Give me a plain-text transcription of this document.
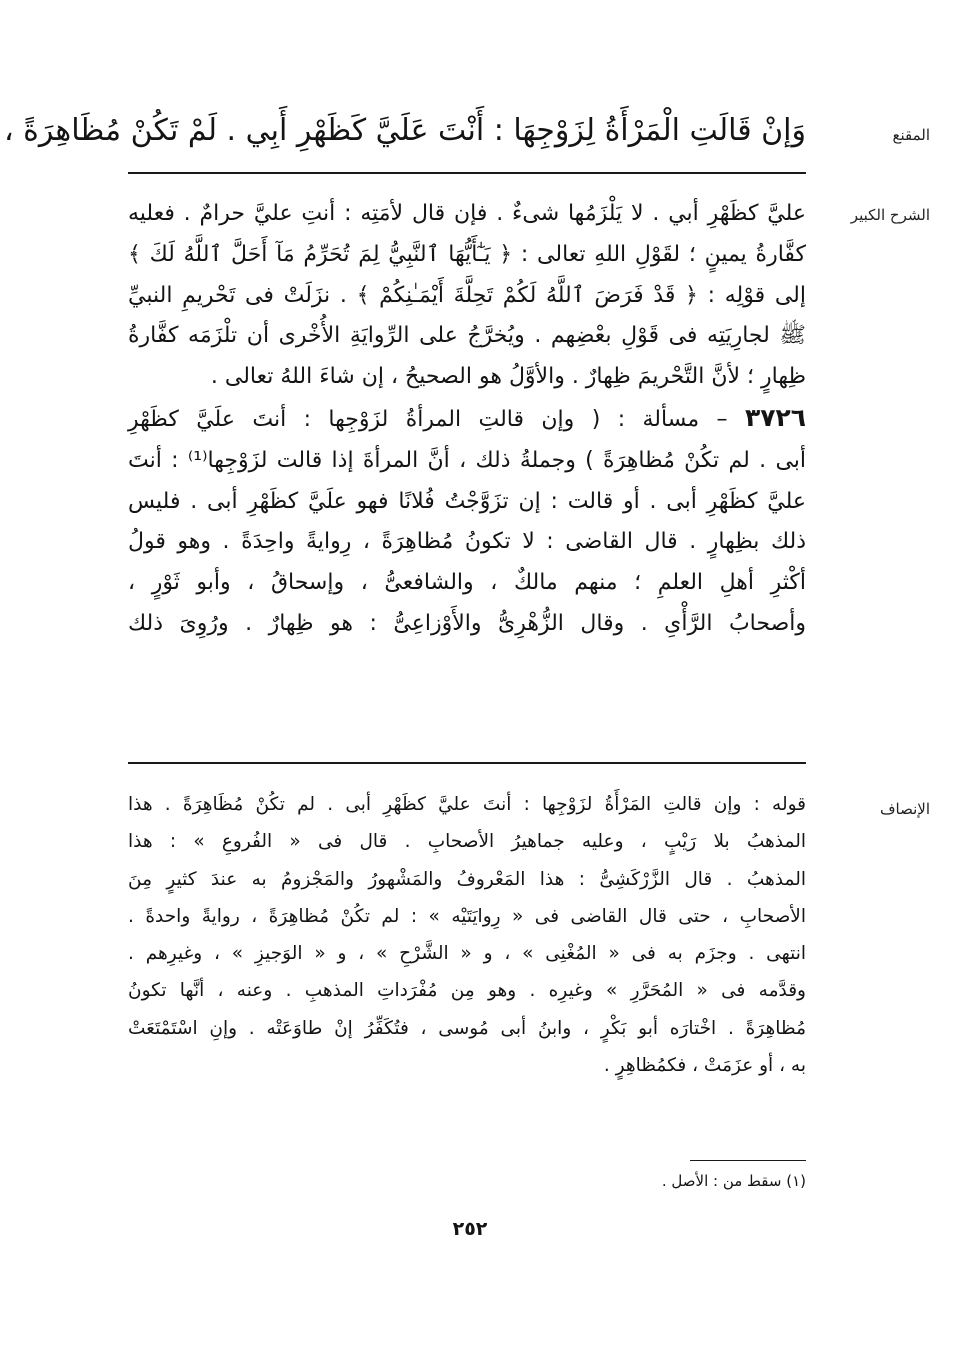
المقنع
وَإنْ قَالَتِ الْمَرْأَةُ لِزَوْجِهَا : أَنْتَ عَلَيَّ كَظَهْرِ أَبِي . لَمْ تَكُنْ مُظَاهِرَةً ،
الشرح الكبير
عليَّ كظَهْرِ أبي . لا يَلْزَمُها شىءٌ . فإن قال لأمَتِه : أنتِ عليَّ حرامٌ . فعليه
كفَّارةُ يمينٍ ؛ لقَوْلِ اللهِ تعالى : ﴿ يَـٰٓأَيُّهَا ٱلنَّبِيُّ لِمَ تُحَرِّمُ مَآ أَحَلَّ ٱللَّهُ لَكَ ﴾
إلى قوْلِه : ﴿ قَدْ فَرَضَ ٱللَّهُ لَكُمْ تَحِلَّةَ أَيْمَـٰنِكُمْ ﴾ . نزَلَتْ فى تَحْريمِ النبيِّ
ﷺ لجارِيَتِه فى قَوْلِ بعْضِهم . ويُخرَّجُ على الرِّوايَةِ الأُخْرى أن تلْزَمَه كفَّارةُ
ظِهارٍ ؛ لأنَّ التَّحْريمَ ظِهارٌ . والأوَّلُ هو الصحيحُ ، إن شاءَ اللهُ تعالى .
٣٧٢٦ – مسألة : ( وإن قالتِ المرأةُ لزَوْجِها : أنتَ علَيَّ كظَهْرِ
أبى . لم تكُنْ مُظاهِرَةً ) وجملةُ ذلك ، أنَّ المرأةَ إذا قالت لزَوْجِها⁽¹⁾ : أنتَ
عليَّ كظَهْرِ أبى . أو قالت : إن تزَوَّجْتُ فُلانًا فهو علَيَّ كظَهْرِ أبى . فليس
ذلك بظِهارٍ . قال القاضى : لا تكونُ مُظاهِرَةً ، رِوايةً واحِدَةً . وهو قولُ
أكْثرِ أهلِ العلمِ ؛ منهم مالكٌ ، والشافعىُّ ، وإسحاقُ ، وأبو ثَوْرٍ ،
وأصحابُ الرَّأْىِ . وقال الزُّهْرِىُّ والأَوْزاعِىُّ : هو ظِهارٌ . ورُوِىَ ذلك
الإنصاف
قوله : وإن قالتِ المَرْأَةُ لزَوْجِها : أنتَ عليَّ كظَهْرِ أبى . لم تكُنْ مُظَاهِرَةً . هذا
المذهبُ بلا رَيْبٍ ، وعليه جماهيرُ الأصحابِ . قال فى « الفُروعِ » : هذا
المذهبُ . قال الزَّرْكَشِىُّ : هذا المَعْروفُ والمَشْهورُ والمَجْزومُ به عندَ كثيرٍ مِنَ
الأصحابِ ، حتى قال القاضى فى « رِوايَتَيْه » : لم تكُنْ مُظاهِرَةً ، روايةً واحدةً .
انتهى . وجزَم به فى « المُغْنِى » ، و « الشَّرْحِ » ، و « الوَجيزِ » ، وغيرِهم .
وقدَّمه فى « المُحَرَّرِ » وغيرِه . وهو مِن مُفْرَداتِ المذهبِ . وعنه ، أنَّها تكونُ
مُظاهِرَةً . اخْتارَه أبو بَكْرٍ ، وابنُ أبى مُوسى ، فتُكَفِّرُ إنْ طاوَعَتْه . وإنِ اسْتَمْتَعَتْ
به ، أو عزَمَتْ ، فكمُظاهِرٍ .
(١) سقط من : الأصل .
٢٥٢
